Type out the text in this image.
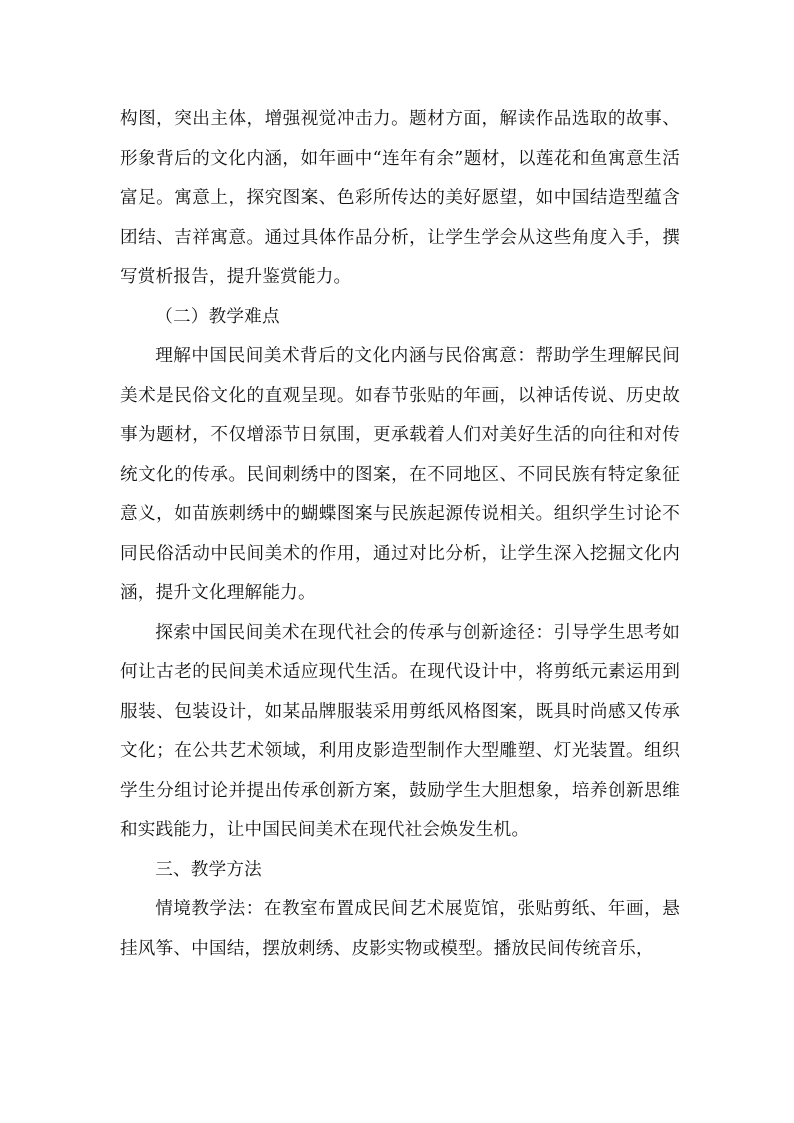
构图，突出主体，增强视觉冲击力。题材方面，解读作品选取的故事、形象背后的文化内涵，如年画中“连年有余”题材，以莲花和鱼寓意生活富足。寓意上，探究图案、色彩所传达的美好愿望，如中国结造型蕴含团结、吉祥寓意。通过具体作品分析，让学生学会从这些角度入手，撰写赏析报告，提升鉴赏能力。

（二）教学难点

理解中国民间美术背后的文化内涵与民俗寓意：帮助学生理解民间美术是民俗文化的直观呈现。如春节张贴的年画，以神话传说、历史故事为题材，不仅增添节日氛围，更承载着人们对美好生活的向往和对传统文化的传承。民间刺绣中的图案，在不同地区、不同民族有特定象征意义，如苗族刺绣中的蝴蝶图案与民族起源传说相关。组织学生讨论不同民俗活动中民间美术的作用，通过对比分析，让学生深入挖掘文化内涵，提升文化理解能力。

探索中国民间美术在现代社会的传承与创新途径：引导学生思考如何让古老的民间美术适应现代生活。在现代设计中，将剪纸元素运用到服装、包装设计，如某品牌服装采用剪纸风格图案，既具时尚感又传承文化；在公共艺术领域，利用皮影造型制作大型雕塑、灯光装置。组织学生分组讨论并提出传承创新方案，鼓励学生大胆想象，培养创新思维和实践能力，让中国民间美术在现代社会焕发生机。

三、教学方法

情境教学法：在教室布置成民间艺术展览馆，张贴剪纸、年画，悬挂风筝、中国结，摆放刺绣、皮影实物或模型。播放民间传统音乐，
